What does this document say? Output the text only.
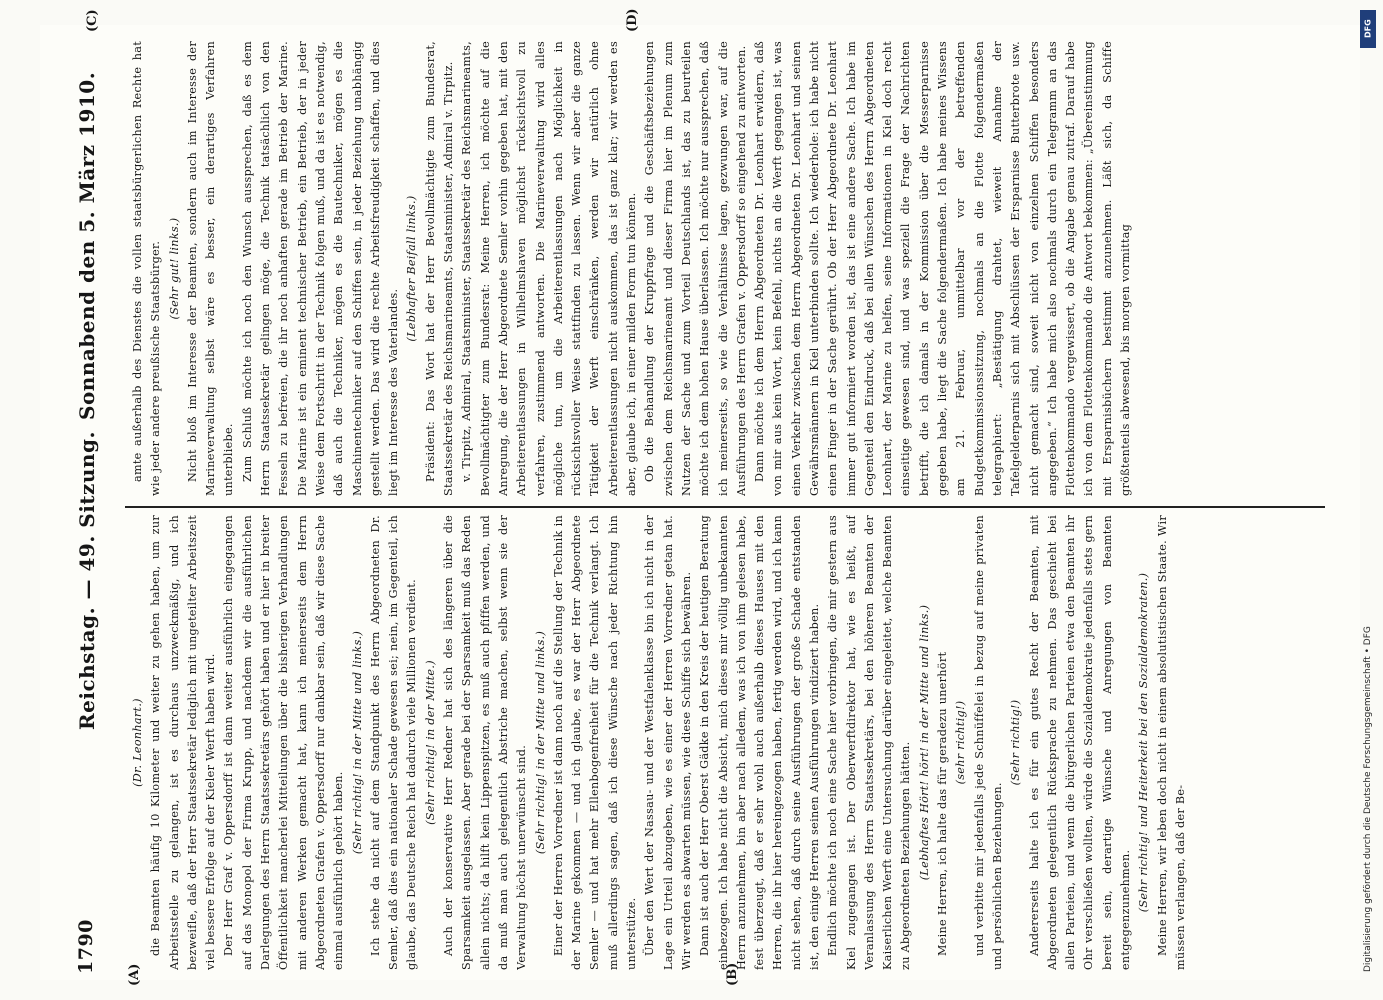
1790
Reichstag. — 49. Sitzung.
Sonnabend den 5. März 1910.
(A)	(B)
(C)	(D)

(Dr. Leonhart.) die Beamten häufig 10 Kilometer und weiter zu gehen haben, um zur Arbeitsstelle zu gelangen, ist es durchaus unzweckmäßig, und ich bezweifle, daß der Herr Staatssekretär lediglich mit ungeteilter Arbeitszeit viel bessere Erfolge auf der Kieler Werft haben wird. Der Herr Graf v. Oppersdorff ist dann weiter ausführlich eingegangen auf das Monopol der Firma Krupp, und nachdem wir die ausführlichen Darlegungen des Herrn Staatssekretärs gehört haben und er hier in breiter Öffentlichkeit mancherlei Mitteilungen über die bisherigen Verhandlungen mit anderen Werken gemacht hat, kann ich meinerseits dem Herrn Abgeordneten Grafen v. Oppersdorff nur dankbar sein, daß wir diese Sache einmal ausführlich gehört haben.

(Sehr richtig! in der Mitte und links.) Ich stehe da nicht auf dem Standpunkt des Herrn Abgeordneten Dr. Semler, daß dies ein nationaler Schade gewesen sei; nein, im Gegenteil, ich glaube, das Deutsche Reich hat dadurch viele Millionen verdient. (Sehr richtig! in der Mitte.) Auch der konservative Herr Redner hat sich des längeren über die Sparsamkeit ausgelassen. Aber gerade bei der Sparsamkeit muß das Reden allein nichts; da hilft kein Lippenspitzen, es muß auch pfiffen werden, und da muß man auch gelegentlich Abstriche machen, selbst wenn sie der Verwaltung höchst unerwünscht sind.

(Sehr richtig! in der Mitte und links.) Einer der Herren Vorredner ist dann noch auf die Stellung der Technik in der Marine gekommen — und ich glaube, es war der Herr Abgeordnete Semler — und hat mehr Ellenbogenfreiheit für die Technik verlangt. Ich muß allerdings sagen, daß ich diese Wünsche nach jeder Richtung hin unterstütze. Über den Wert der Nassau- und der Westfalenklasse bin ich nicht in der Lage ein Urteil abzugeben, wie es einer der Herren Vorredner getan hat. Wir werden es abwarten müssen, wie diese Schiffe sich bewähren. Dann ist auch der Herr Oberst Gädke in den Kreis der heutigen Beratung einbezogen. Ich habe nicht die Absicht, mich dieses mir völlig unbekannten Herrn anzunehmen, bin aber nach alledem, was ich von ihm gelesen habe, fest überzeugt, daß er sehr wohl auch außerhalb dieses Hauses mit den Herren, die ihr hier hereingezogen haben, fertig werden wird, und ich kann nicht sehen, daß durch seine Ausführungen der große Schade entstanden ist, den einige Herren seinen Ausführungen vindiziert haben. Endlich möchte ich noch eine Sache hier vorbringen, die mir gestern aus Kiel zugegangen ist. Der Oberwerftdirektor hat, wie es heißt, auf Veranlassung des Herrn Staatssekretärs, bei den höheren Beamten der Kaiserlichen Werft eine Untersuchung darüber eingeleitet, welche Beamten zu Abgeordneten Beziehungen hätten. (Lebhaftes Hört! hört! in der Mitte und links.) Meine Herren, ich halte das für geradezu unerhört (sehr richtig!) und verbitte mir jedenfalls jede Schnüffelei in bezug auf meine privaten und persönlichen Beziehungen.

(Sehr richtig!) Andererseits halte ich es für ein gutes Recht der Beamten, mit Abgeordneten gelegentlich Rücksprache zu nehmen. Das geschieht bei allen Parteien, und wenn die bürgerlichen Parteien etwa den Beamten ihr Ohr verschließen wollten, würde die Sozialdemokratie jedenfalls stets gern bereit sein, derartige Wünsche und Anregungen von Beamten entgegenzunehmen. (Sehr richtig! und Heiterkeit bei den Sozialdemokraten.) Meine Herren, wir leben doch nicht in einem absolutistischen Staate. Wir müssen verlangen, daß der Be-

amte außerhalb des Dienstes die vollen staatsbürgerlichen Rechte hat wie jeder andere preußische Staatsbürger. (Sehr gut! links.) Nicht bloß im Interesse der Beamten, sondern auch im Interesse der Marineverwaltung selbst wäre es besser, ein derartiges Verfahren unterbliebe. Zum Schluß möchte ich noch den Wunsch aussprechen, daß es dem Herrn Staatssekretär gelingen möge, die Technik tatsächlich von den Fesseln zu befreien, die ihr noch anhaften gerade im Betrieb der Marine. Die Marine ist ein eminent technischer Betrieb, ein Betrieb, der in jeder Weise dem Fortschritt in der Technik folgen muß, und da ist es notwendig, daß auch die Techniker, mögen es die Bautechniker, mögen es die Maschinentechniker auf den Schiffen sein, in jeder Beziehung unabhängig gestellt werden. Das wird die rechte Arbeitsfreudigkeit schaffen, und dies liegt im Interesse des Vaterlandes.

(Lebhafter Beifall links.) Präsident: Das Wort hat der Herr Bevollmächtigte zum Bundesrat, Staatssekretär des Reichsmarineamts, Staatsminister, Admiral v. Tirpitz. v. Tirpitz, Admiral, Staatsminister, Staatssekretär des Reichsmarineamts, Bevollmächtigter zum Bundesrat: Meine Herren, ich möchte auf die Anregung, die der Herr Abgeordnete Semler vorhin gegeben hat, mit den Arbeiterentlassungen in Wilhelmshaven möglichst rücksichtsvoll zu verfahren, zustimmend antworten. Die Marineverwaltung wird alles mögliche tun, um die Arbeiterentlassungen nach Möglichkeit in rücksichtsvoller Weise stattfinden zu lassen. Wenn wir aber die ganze Tätigkeit der Werft einschränken, werden wir natürlich ohne Arbeiterentlassungen nicht auskommen, das ist ganz klar; wir werden es aber, glaube ich, in einer milden Form tun können. Ob die Behandlung der Kruppfrage und die Geschäftsbeziehungen zwischen dem Reichsmarineamt und dieser Firma hier im Plenum zum Nutzen der Sache und zum Vorteil Deutschlands ist, das zu beurteilen möchte ich dem hohen Hause überlassen. Ich möchte nur aussprechen, daß ich meinerseits, so wie die Verhältnisse lagen, gezwungen war, auf die Ausführungen des Herrn Grafen v. Oppersdorff so eingehend zu antworten. Dann möchte ich dem Herrn Abgeordneten Dr. Leonhart erwidern, daß von mir aus kein Wort, kein Befehl, nichts an die Werft gegangen ist, was einen Verkehr zwischen dem Herrn Abgeordneten Dr. Leonhart und seinen Gewährsmännern in Kiel unterbinden sollte. Ich wiederhole: ich habe nicht einen Finger in der Sache gerührt. Ob der Herr Abgeordnete Dr. Leonhart immer gut informiert worden ist, das ist eine andere Sache. Ich habe im Gegenteil den Eindruck, daß bei allen Wünschen des Herrn Abgeordneten Leonhart, der Marine zu helfen, seine Informationen in Kiel doch recht einseitige gewesen sind, und was speziell die Frage der Nachrichten betrifft, die ich damals in der Kommission über die Messerparnisse gegeben habe, liegt die Sache folgendermaßen. Ich habe meines Wissens am 21. Februar, unmittelbar vor der betreffenden Budgetkommissionssitzung, nochmals an die Flotte folgendermaßen telegraphiert: „Bestätigung drahtet, wieweit Annahme der Tafelgelderparnis sich mit Abschlüssen der Ersparnisse Butterbrote usw. nicht gemacht sind, soweit nicht von einzelnen Schiffen besonders angegeben.“ Ich habe mich also nochmals durch ein Telegramm an das Flottenkommando vergewissert, ob die Angabe genau zutraf. Darauf habe ich von dem Flottenkommando die Antwort bekommen: „Übereinstimmung mit Ersparnisbüchern bestimmt anzunehmen. Läßt sich, da Schiffe größtenteils abwesend, bis morgen vormittag

DFG
Digitalisierung gefördert durch die Deutsche Forschungsgemeinschaft • DFG
